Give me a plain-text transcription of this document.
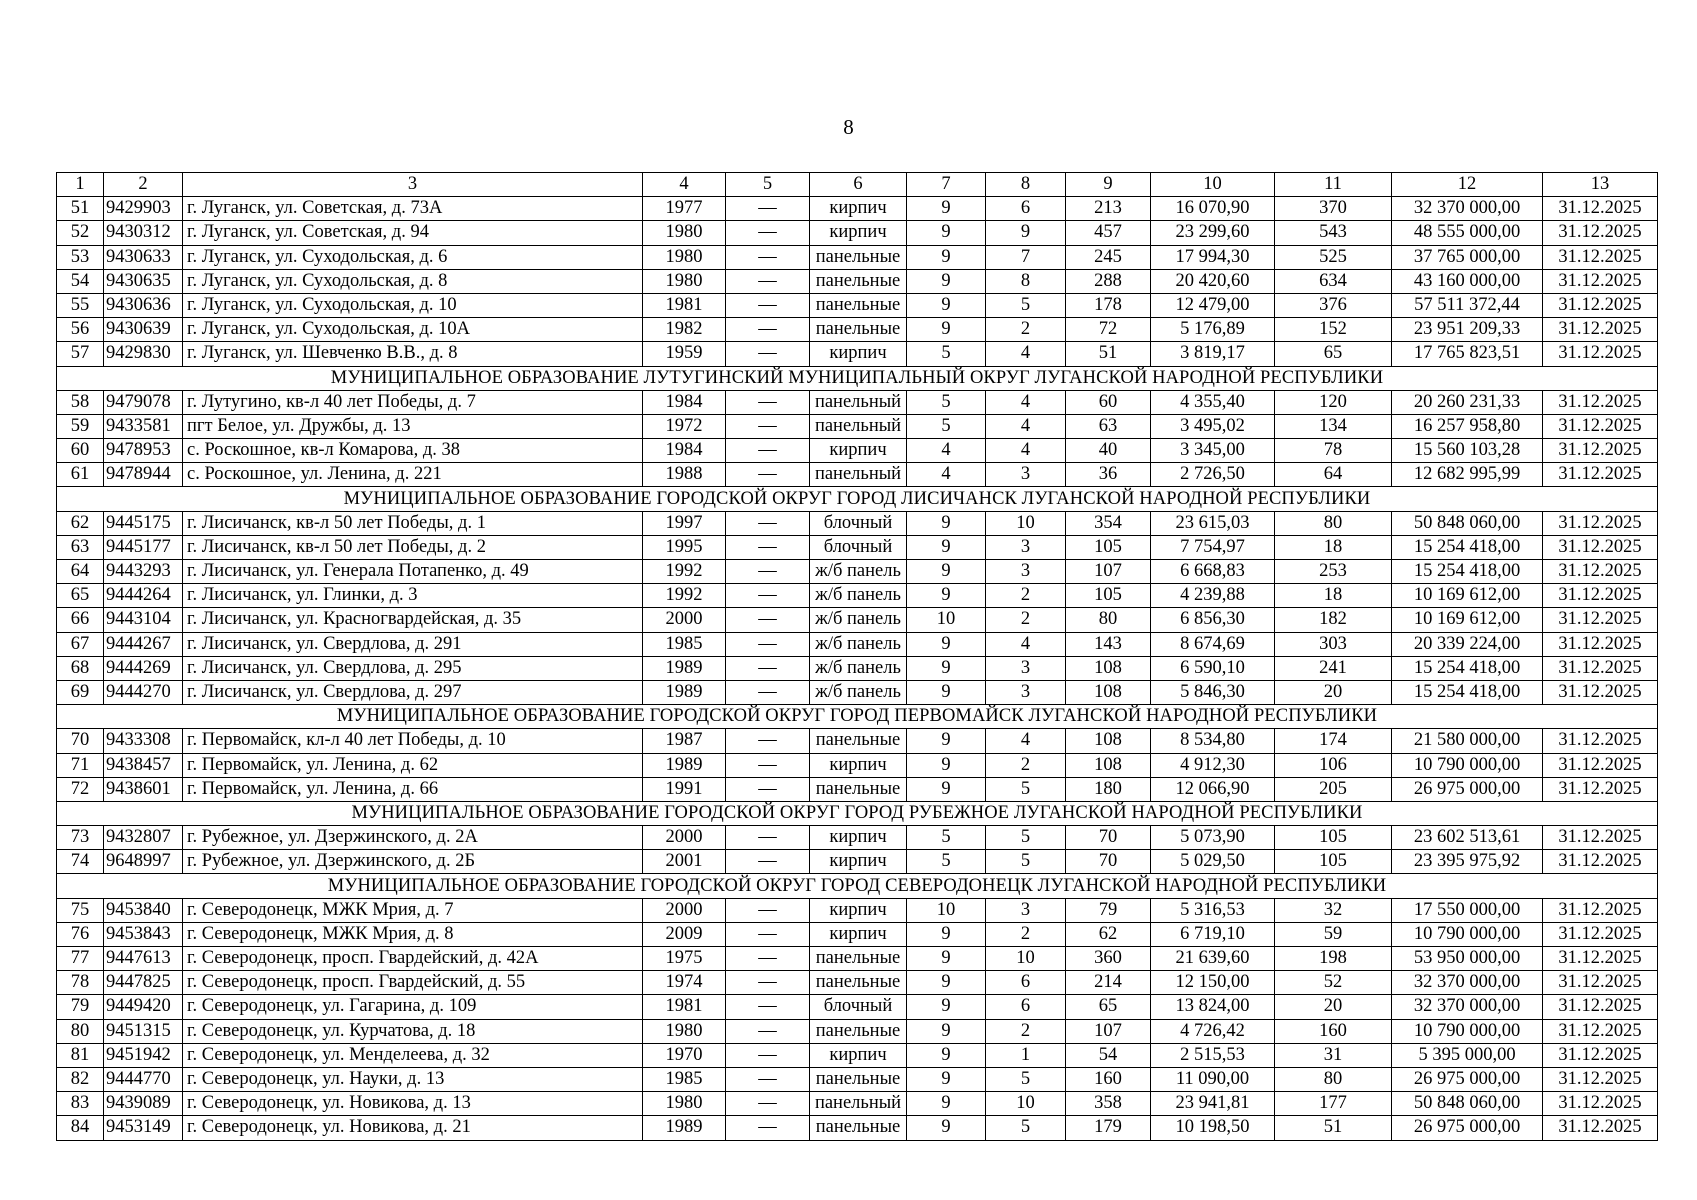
8
1	2	3	4	5	6	7	8	9	10	11	12	13
51	9429903	г. Луганск, ул. Советская, д. 73А	1977	—	кирпич	9	6	213	16 070,90	370	32 370 000,00	31.12.2025
52	9430312	г. Луганск, ул. Советская, д. 94	1980	—	кирпич	9	9	457	23 299,60	543	48 555 000,00	31.12.2025
53	9430633	г. Луганск, ул. Суходольская, д. 6	1980	—	панельные	9	7	245	17 994,30	525	37 765 000,00	31.12.2025
54	9430635	г. Луганск, ул. Суходольская, д. 8	1980	—	панельные	9	8	288	20 420,60	634	43 160 000,00	31.12.2025
55	9430636	г. Луганск, ул. Суходольская, д. 10	1981	—	панельные	9	5	178	12 479,00	376	57 511 372,44	31.12.2025
56	9430639	г. Луганск, ул. Суходольская, д. 10А	1982	—	панельные	9	2	72	5 176,89	152	23 951 209,33	31.12.2025
57	9429830	г. Луганск, ул. Шевченко В.В., д. 8	1959	—	кирпич	5	4	51	3 819,17	65	17 765 823,51	31.12.2025
МУНИЦИПАЛЬНОЕ ОБРАЗОВАНИЕ ЛУТУГИНСКИЙ МУНИЦИПАЛЬНЫЙ ОКРУГ ЛУГАНСКОЙ НАРОДНОЙ РЕСПУБЛИКИ												
58	9479078	г. Лутугино, кв-л 40 лет Победы, д. 7	1984	—	панельный	5	4	60	4 355,40	120	20 260 231,33	31.12.2025
59	9433581	пгт Белое, ул. Дружбы, д. 13	1972	—	панельный	5	4	63	3 495,02	134	16 257 958,80	31.12.2025
60	9478953	с. Роскошное, кв-л Комарова, д. 38	1984	—	кирпич	4	4	40	3 345,00	78	15 560 103,28	31.12.2025
61	9478944	с. Роскошное, ул. Ленина, д. 221	1988	—	панельный	4	3	36	2 726,50	64	12 682 995,99	31.12.2025
МУНИЦИПАЛЬНОЕ ОБРАЗОВАНИЕ ГОРОДСКОЙ ОКРУГ ГОРОД ЛИСИЧАНСК ЛУГАНСКОЙ НАРОДНОЙ РЕСПУБЛИКИ												
62	9445175	г. Лисичанск, кв-л 50 лет Победы, д. 1	1997	—	блочный	9	10	354	23 615,03	80	50 848 060,00	31.12.2025
63	9445177	г. Лисичанск, кв-л 50 лет Победы, д. 2	1995	—	блочный	9	3	105	7 754,97	18	15 254 418,00	31.12.2025
64	9443293	г. Лисичанск, ул. Генерала Потапенко, д. 49	1992	—	ж/б панель	9	3	107	6 668,83	253	15 254 418,00	31.12.2025
65	9444264	г. Лисичанск, ул. Глинки, д. 3	1992	—	ж/б панель	9	2	105	4 239,88	18	10 169 612,00	31.12.2025
66	9443104	г. Лисичанск, ул. Красногвардейская, д. 35	2000	—	ж/б панель	10	2	80	6 856,30	182	10 169 612,00	31.12.2025
67	9444267	г. Лисичанск, ул. Свердлова, д. 291	1985	—	ж/б панель	9	4	143	8 674,69	303	20 339 224,00	31.12.2025
68	9444269	г. Лисичанск, ул. Свердлова, д. 295	1989	—	ж/б панель	9	3	108	6 590,10	241	15 254 418,00	31.12.2025
69	9444270	г. Лисичанск, ул. Свердлова, д. 297	1989	—	ж/б панель	9	3	108	5 846,30	20	15 254 418,00	31.12.2025
МУНИЦИПАЛЬНОЕ ОБРАЗОВАНИЕ ГОРОДСКОЙ ОКРУГ ГОРОД ПЕРВОМАЙСК ЛУГАНСКОЙ НАРОДНОЙ РЕСПУБЛИКИ												
70	9433308	г. Первомайск, кл-л 40 лет Победы, д. 10	1987	—	панельные	9	4	108	8 534,80	174	21 580 000,00	31.12.2025
71	9438457	г. Первомайск, ул. Ленина, д. 62	1989	—	кирпич	9	2	108	4 912,30	106	10 790 000,00	31.12.2025
72	9438601	г. Первомайск, ул. Ленина, д. 66	1991	—	панельные	9	5	180	12 066,90	205	26 975 000,00	31.12.2025
МУНИЦИПАЛЬНОЕ ОБРАЗОВАНИЕ ГОРОДСКОЙ ОКРУГ ГОРОД РУБЕЖНОЕ ЛУГАНСКОЙ НАРОДНОЙ РЕСПУБЛИКИ												
73	9432807	г. Рубежное, ул. Дзержинского, д. 2А	2000	—	кирпич	5	5	70	5 073,90	105	23 602 513,61	31.12.2025
74	9648997	г. Рубежное, ул. Дзержинского, д. 2Б	2001	—	кирпич	5	5	70	5 029,50	105	23 395 975,92	31.12.2025
МУНИЦИПАЛЬНОЕ ОБРАЗОВАНИЕ ГОРОДСКОЙ ОКРУГ ГОРОД СЕВЕРОДОНЕЦК ЛУГАНСКОЙ НАРОДНОЙ РЕСПУБЛИКИ												
75	9453840	г. Северодонецк, МЖК Мрия, д. 7	2000	—	кирпич	10	3	79	5 316,53	32	17 550 000,00	31.12.2025
76	9453843	г. Северодонецк, МЖК Мрия, д. 8	2009	—	кирпич	9	2	62	6 719,10	59	10 790 000,00	31.12.2025
77	9447613	г. Северодонецк, просп. Гвардейский, д. 42А	1975	—	панельные	9	10	360	21 639,60	198	53 950 000,00	31.12.2025
78	9447825	г. Северодонецк, просп. Гвардейский, д. 55	1974	—	панельные	9	6	214	12 150,00	52	32 370 000,00	31.12.2025
79	9449420	г. Северодонецк, ул. Гагарина, д. 109	1981	—	блочный	9	6	65	13 824,00	20	32 370 000,00	31.12.2025
80	9451315	г. Северодонецк, ул. Курчатова, д. 18	1980	—	панельные	9	2	107	4 726,42	160	10 790 000,00	31.12.2025
81	9451942	г. Северодонецк, ул. Менделеева, д. 32	1970	—	кирпич	9	1	54	2 515,53	31	5 395 000,00	31.12.2025
82	9444770	г. Северодонецк, ул. Науки, д. 13	1985	—	панельные	9	5	160	11 090,00	80	26 975 000,00	31.12.2025
83	9439089	г. Северодонецк, ул. Новикова, д. 13	1980	—	панельный	9	10	358	23 941,81	177	50 848 060,00	31.12.2025
84	9453149	г. Северодонецк, ул. Новикова, д. 21	1989	—	панельные	9	5	179	10 198,50	51	26 975 000,00	31.12.2025
